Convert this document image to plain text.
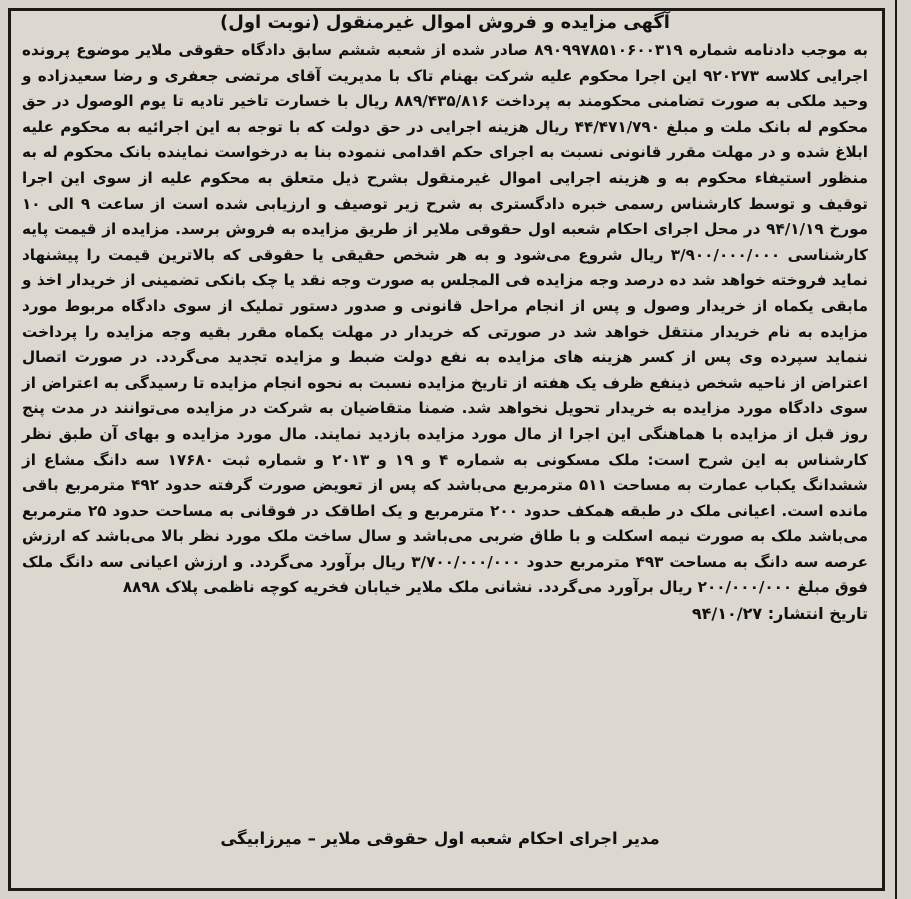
آگهی مزایده و فروش اموال غیرمنقول (نوبت اول)

به موجب دادنامه شماره ۸۹۰۹۹۷۸۵۱۰۶۰۰۳۱۹ صادر شده از شعبه ششم سابق دادگاه حقوقی ملایر موضوع پرونده اجرایی کلاسه ۹۲۰۲۷۳ این اجرا محکوم علیه شرکت بهنام تاک با مدیریت آقای مرتضی جعفری و رضا سعیدزاده و وحید ملکی به صورت تضامنی محکومند به پرداخت ۸۸۹/۴۳۵/۸۱۶ ریال با خسارت تاخیر تادیه تا یوم الوصول در حق محکوم له بانک ملت و مبلغ ۴۴/۴۷۱/۷۹۰ ریال هزینه اجرایی در حق دولت که با توجه به این اجرائیه به محکوم علیه ابلاغ شده و در مهلت مقرر قانونی نسبت به اجرای حکم اقدامی ننموده بنا به درخواست نماینده بانک محکوم له به منظور استیفاء محکوم به و هزینه اجرایی اموال غیرمنقول بشرح ذیل متعلق به محکوم علیه از سوی این اجرا توقیف و توسط کارشناس رسمی خبره دادگستری به شرح زیر توصیف و ارزیابی شده است از ساعت ۹ الی ۱۰ مورخ ۹۴/۱/۱۹ در محل اجرای احکام شعبه اول حقوقی ملایر از طریق مزایده به فروش برسد. مزایده از قیمت پایه کارشناسی ۳/۹۰۰/۰۰۰/۰۰۰ ریال شروع می‌شود و به هر شخص حقیقی یا حقوقی که بالاترین قیمت را پیشنهاد نماید فروخته خواهد شد ده درصد وجه مزایده فی المجلس به صورت وجه نقد یا چک بانکی تضمینی از خریدار اخذ و مابقی یکماه از خریدار وصول و پس از انجام مراحل قانونی و صدور دستور تملیک از سوی دادگاه مربوط مورد مزایده به نام خریدار منتقل خواهد شد در صورتی که خریدار در مهلت یکماه مقرر بقیه وجه مزایده را پرداخت ننماید سپرده وی پس از کسر هزینه های مزایده به نفع دولت ضبط و مزایده تجدید می‌گردد. در صورت اتصال اعتراض از ناحیه شخص ذینفع ظرف یک هفته از تاریخ مزایده نسبت به نحوه انجام مزایده تا رسیدگی به اعتراض از سوی دادگاه مورد مزایده به خریدار تحویل نخواهد شد. ضمنا متقاضیان به شرکت در مزایده می‌توانند در مدت پنج روز قبل از مزایده با هماهنگی این اجرا از مال مورد مزایده بازدید نمایند. مال مورد مزایده و بهای آن طبق نظر کارشناس به این شرح است: ملک مسکونی به شماره ۴ و ۱۹ و ۲۰۱۳ و شماره ثبت ۱۷۶۸۰ سه دانگ مشاع از ششدانگ یکباب عمارت به مساحت ۵۱۱ مترمربع می‌باشد که پس از تعویض صورت گرفته حدود ۴۹۲ مترمربع باقی مانده است. اعیانی ملک در طبقه همکف حدود ۲۰۰ مترمربع و یک اطاقک در فوقانی به مساحت حدود ۲۵ مترمربع می‌باشد ملک به صورت نیمه اسکلت و با طاق ضربی می‌باشد و سال ساخت ملک مورد نظر بالا می‌باشد که ارزش عرصه سه دانگ به مساحت ۴۹۳ مترمربع حدود ۳/۷۰۰/۰۰۰/۰۰۰ ریال برآورد می‌گردد. و ارزش اعیانی سه دانگ ملک فوق مبلغ ۲۰۰/۰۰۰/۰۰۰ ریال برآورد می‌گردد. نشانی ملک ملایر خیابان فخریه کوچه ناظمی پلاک ۸۸۹۸

تاریخ انتشار: ۹۴/۱۰/۲۷

مدیر اجرای احکام شعبه اول حقوقی ملایر – میرزابیگی
